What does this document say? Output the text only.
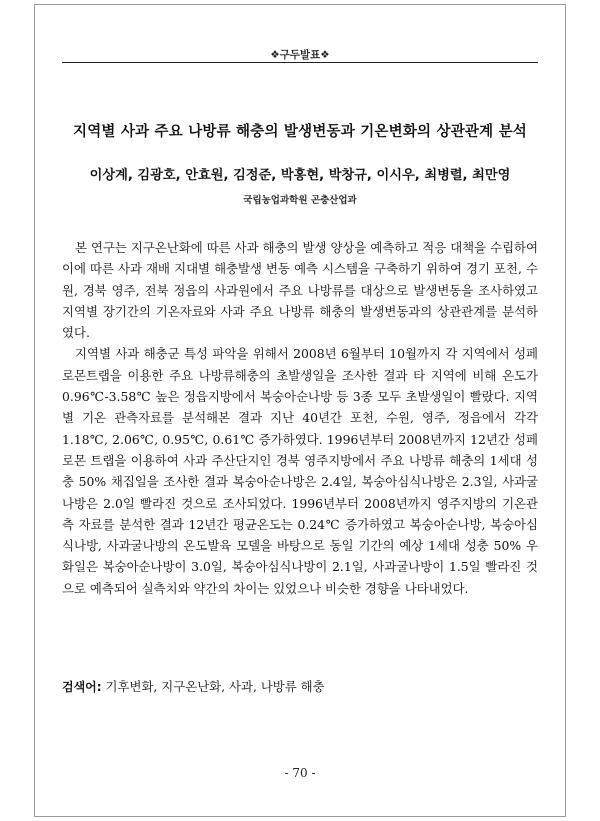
❖구두발표❖
지역별 사과 주요 나방류 해충의 발생변동과 기온변화의 상관관계 분석
이상계, 김광호, 안효원, 김정준, 박홍현, 박창규, 이시우, 최병렬, 최만영
국립농업과학원 곤충산업과

본 연구는 지구온난화에 따른 사과 해충의 발생 양상을 예측하고 적응 대책을 수립하여 이에 따른 사과 재배 지대별 해충발생 변동 예측 시스템을 구축하기 위하여 경기 포천, 수원, 경북 영주, 전북 정읍의 사과원에서 주요 나방류를 대상으로 발생변동을 조사하였고 지역별 장기간의 기온자료와 사과 주요 나방류 해충의 발생변동과의 상관관계를 분석하였다.

지역별 사과 해충군 특성 파악을 위해서 2008년 6월부터 10월까지 각 지역에서 성페로몬트랩을 이용한 주요 나방류해충의 초발생일을 조사한 결과 타 지역에 비해 온도가 0.96℃-3.58℃ 높은 정읍지방에서 복숭아순나방 등 3종 모두 초발생일이 빨랐다. 지역별 기온 관측자료를 분석해본 결과 지난 40년간 포천, 수원, 영주, 정읍에서 각각 1.18℃, 2.06℃, 0.95℃, 0.61℃ 증가하였다. 1996년부터 2008년까지 12년간 성페로몬 트랩을 이용하여 사과 주산단지인 경북 영주지방에서 주요 나방류 해충의 1세대 성충 50% 채집일을 조사한 결과 복숭아순나방은 2.4일, 복숭아심식나방은 2.3일, 사과굴나방은 2.0일 빨라진 것으로 조사되었다. 1996년부터 2008년까지 영주지방의 기온관측 자료를 분석한 결과 12년간 평균온도는 0.24℃ 증가하였고 복숭아순나방, 복숭아심식나방, 사과굴나방의 온도발육 모델을 바탕으로 동일 기간의 예상 1세대 성충 50% 우화일은 복숭아순나방이 3.0일, 복숭아심식나방이 2.1일, 사과굴나방이 1.5일 빨라진 것으로 예측되어 실측치와 약간의 차이는 있었으나 비슷한 경향을 나타내었다.

검색어: 기후변화, 지구온난화, 사과, 나방류 해충
- 70 -
